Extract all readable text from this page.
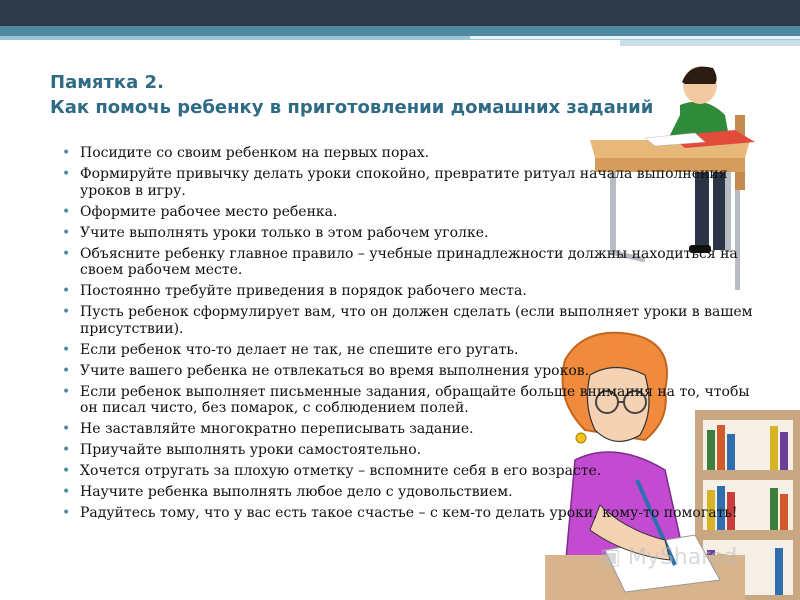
Памятка 2.
Как помочь ребенку в приготовлении домашних заданий
• Посидите со своим ребенком на первых порах.
• Формируйте привычку делать уроки спокойно, превратите ритуал начала выполнения уроков в игру.
• Оформите рабочее место ребенка.
• Учите выполнять уроки только в этом рабочем уголке.
• Объясните ребенку главное правило – учебные принадлежности должны находиться на своем рабочем месте.
• Постоянно требуйте приведения в порядок рабочего места.
• Пусть ребенок сформулирует вам, что он должен сделать (если выполняет уроки в вашем присутствии).
• Если ребенок что-то делает не так, не спешите его ругать.
• Учите вашего ребенка не отвлекаться во время выполнения уроков.
• Если ребенок выполняет письменные задания, обращайте больше внимания на то, чтобы он писал чисто, без помарок, с соблюдением полей.
• Не заставляйте многократно переписывать задание.
• Приучайте выполнять уроки самостоятельно.
• Хочется отругать за плохую отметку – вспомните себя в его возрасте.
• Научите ребенка выполнять любое дело с удовольствием.
• Радуйтесь тому, что у вас есть такое счастье – с кем-то делать уроки, кому-то помогать!
▣ MyShared
